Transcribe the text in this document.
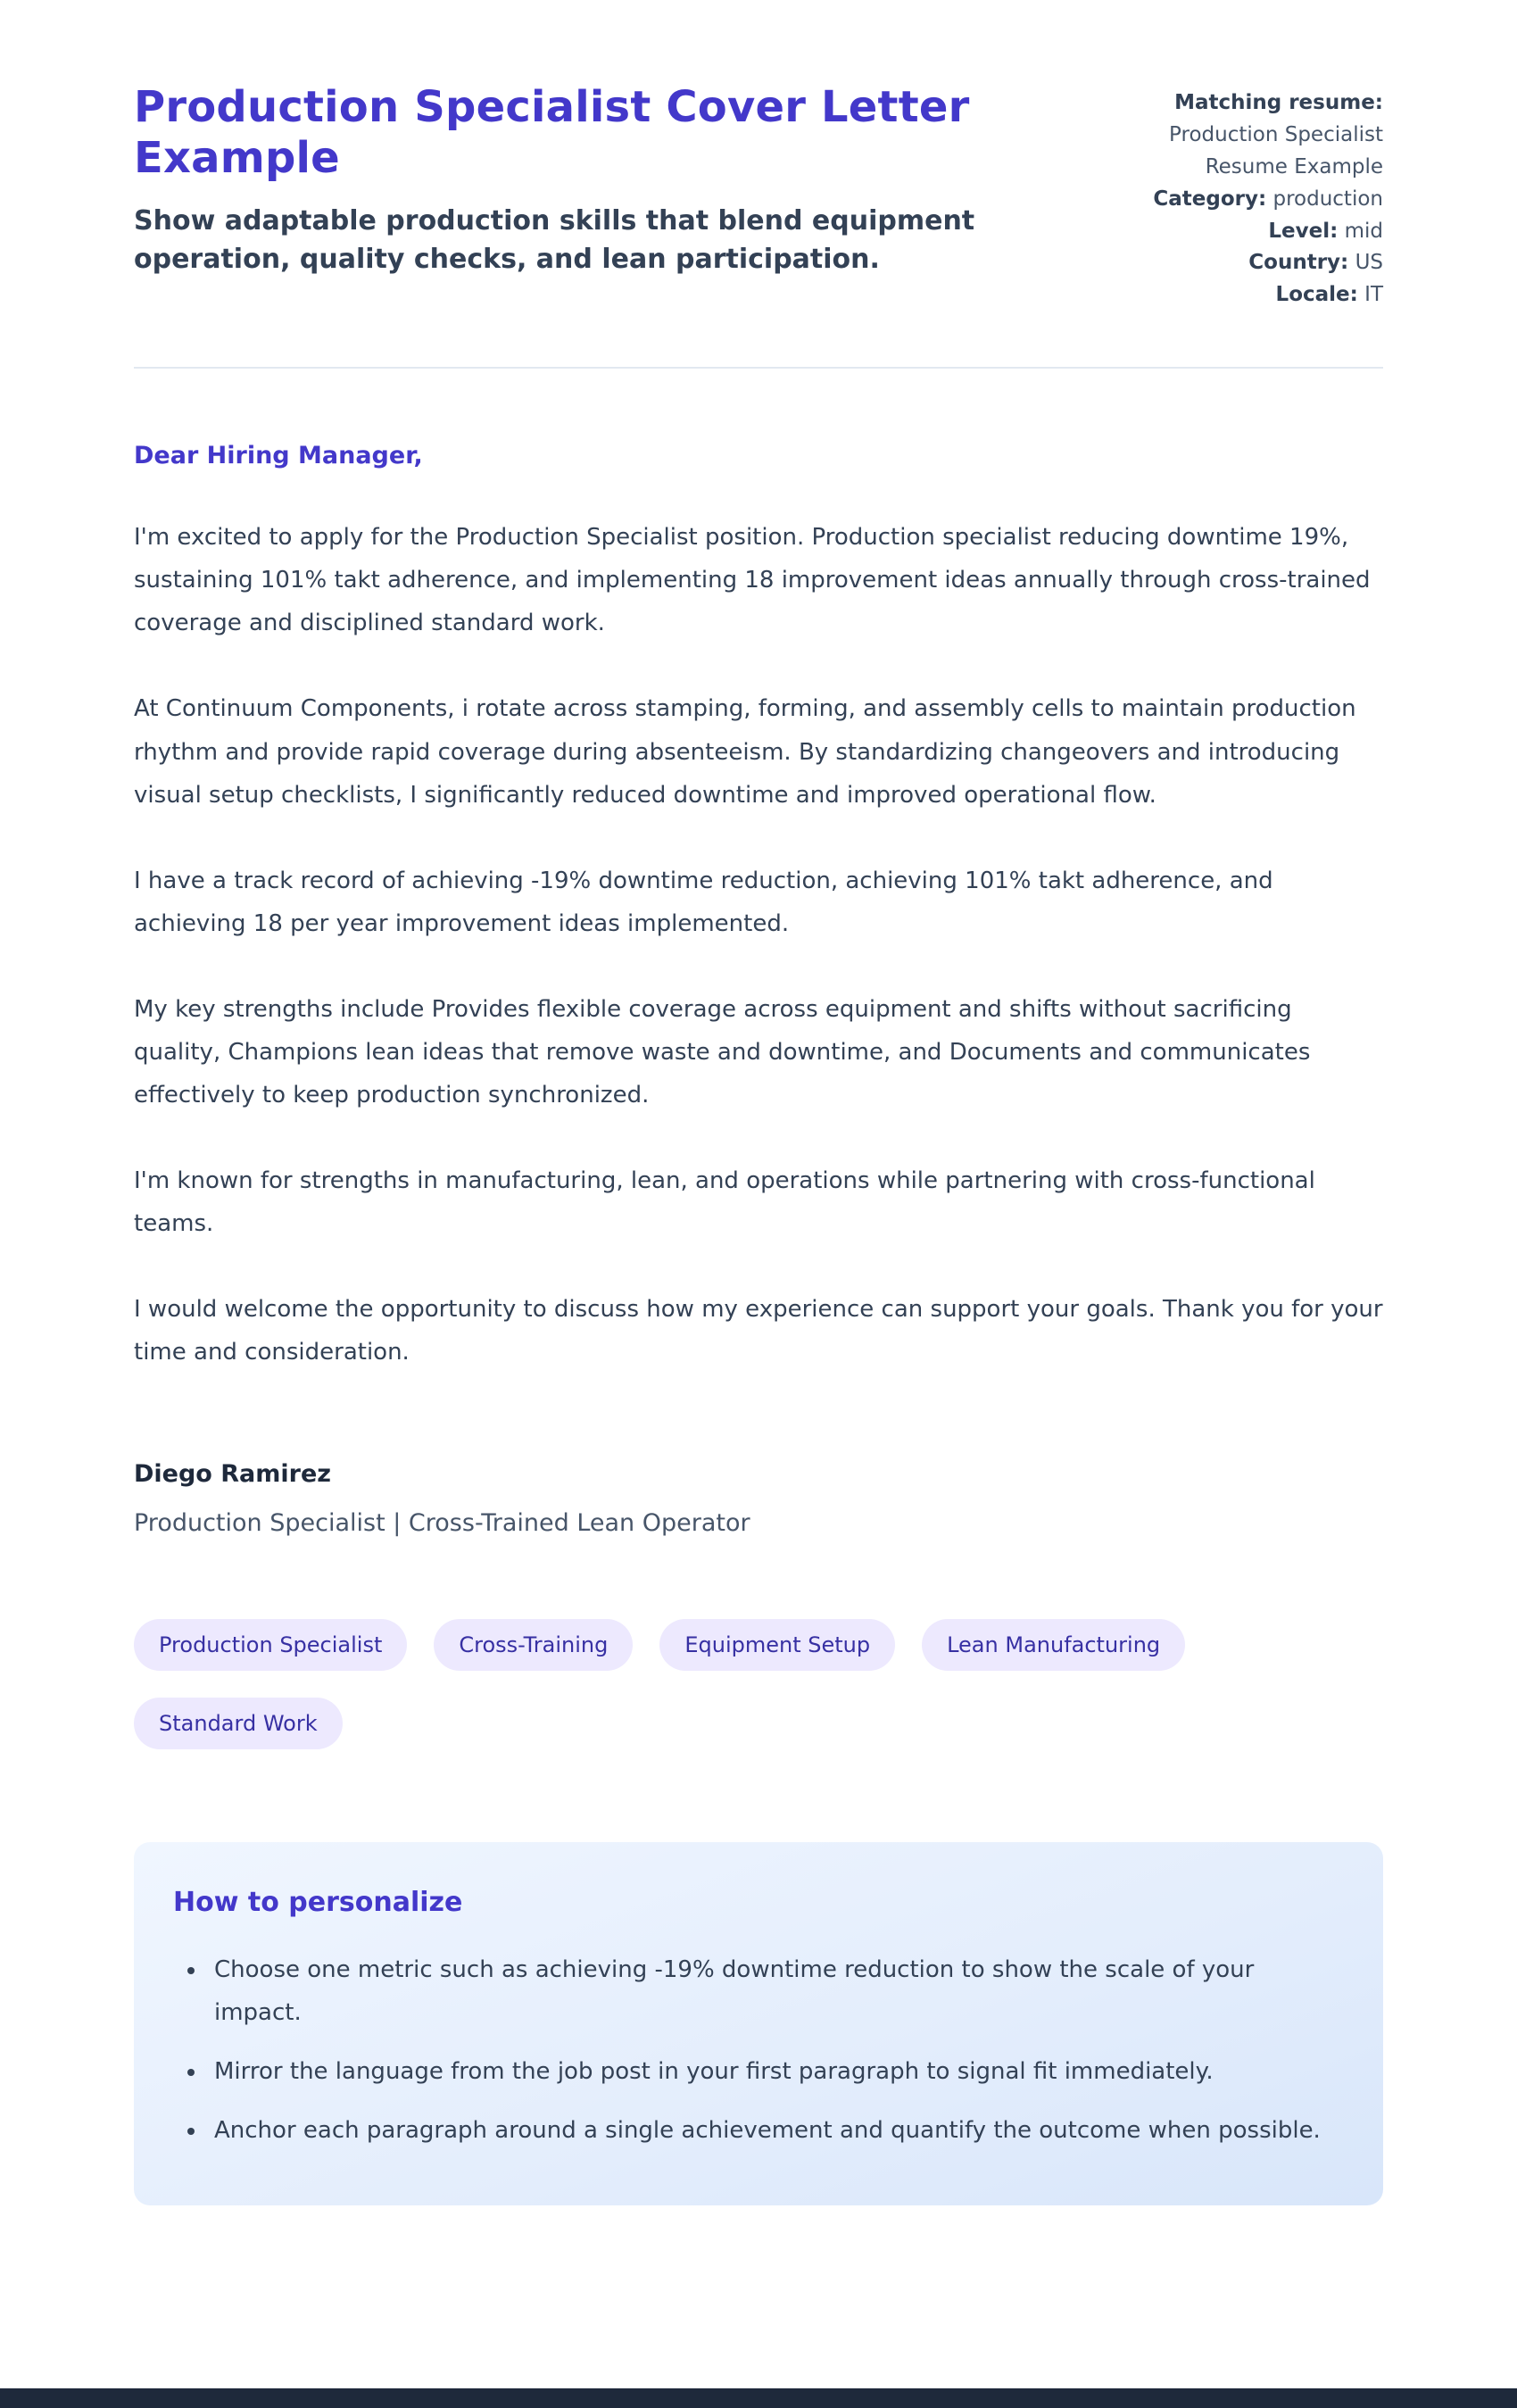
Production Specialist Cover Letter Example

Show adaptable production skills that blend equipment operation, quality checks, and lean participation.

Matching resume:
Production Specialist Resume Example
Category: production
Level: mid
Country: US
Locale: IT

Dear Hiring Manager,

I'm excited to apply for the Production Specialist position. Production specialist reducing downtime 19%, sustaining 101% takt adherence, and implementing 18 improvement ideas annually through cross-trained coverage and disciplined standard work.

At Continuum Components, i rotate across stamping, forming, and assembly cells to maintain production rhythm and provide rapid coverage during absenteeism. By standardizing changeovers and introducing visual setup checklists, I significantly reduced downtime and improved operational flow.

I have a track record of achieving -19% downtime reduction, achieving 101% takt adherence, and achieving 18 per year improvement ideas implemented.

My key strengths include Provides flexible coverage across equipment and shifts without sacrificing quality, Champions lean ideas that remove waste and downtime, and Documents and communicates effectively to keep production synchronized.

I'm known for strengths in manufacturing, lean, and operations while partnering with cross-functional teams.

I would welcome the opportunity to discuss how my experience can support your goals. Thank you for your time and consideration.

Diego Ramirez

Production Specialist | Cross-Trained Lean Operator

Production Specialist	Cross-Training	Equipment Setup	Lean Manufacturing
Standard Work
How to personalize
• Choose one metric such as achieving -19% downtime reduction to show the scale of your impact.
• Mirror the language from the job post in your first paragraph to signal fit immediately.
• Anchor each paragraph around a single achievement and quantify the outcome when possible.
